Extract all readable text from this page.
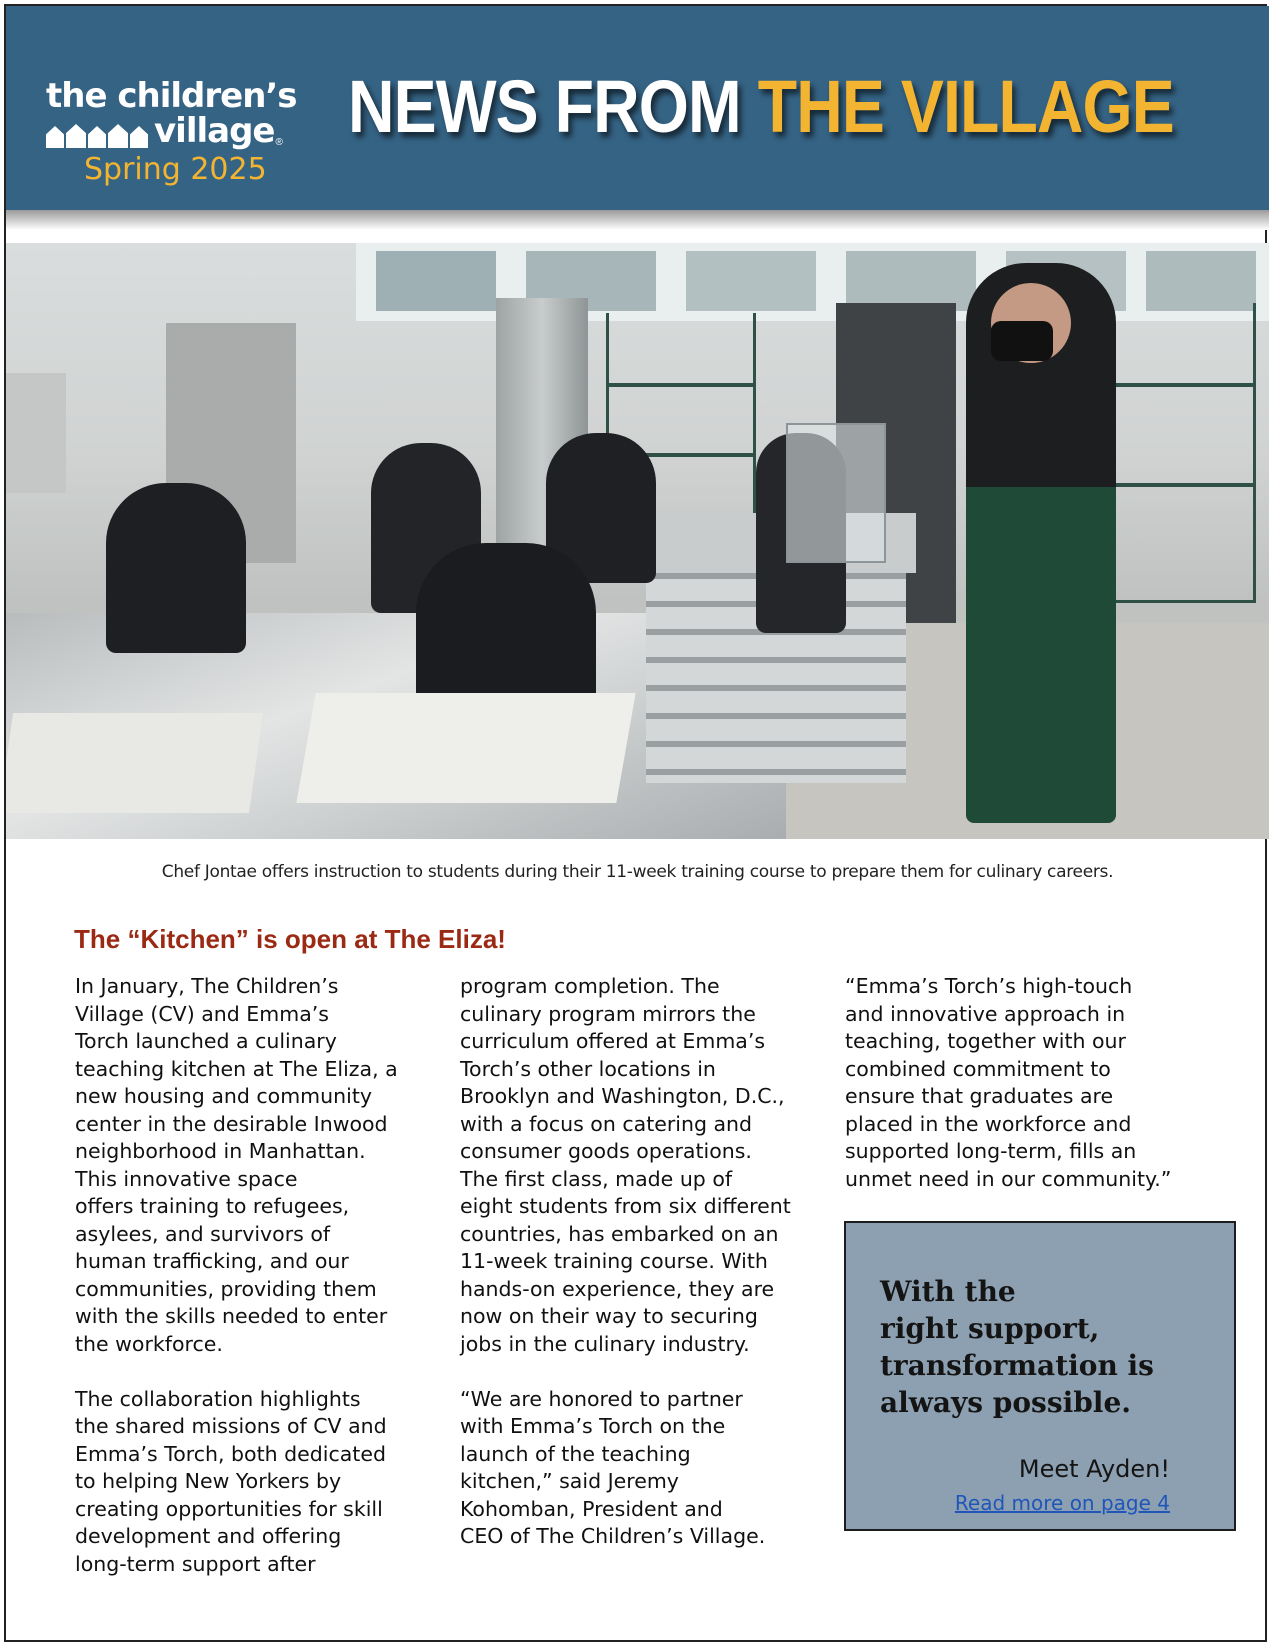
the children’s
village ®
Spring 2025
NEWS FROM THE VILLAGE
Chef Jontae offers instruction to students during their 11-week training course to prepare them for culinary careers.
The “Kitchen” is open at The Eliza!

In January, The Children’s

Village (CV) and Emma’s

Torch launched a culinary

teaching kitchen at The Eliza, a

new housing and community

center in the desirable Inwood

neighborhood in Manhattan.

This innovative space

offers training to refugees,

asylees, and survivors of

human trafficking, and our

communities, providing them

with the skills needed to enter

the workforce.

The collaboration highlights

the shared missions of CV and

Emma’s Torch, both dedicated

to helping New Yorkers by

creating opportunities for skill

development and offering

long-term support after

program completion. The

culinary program mirrors the

curriculum offered at Emma’s

Torch’s other locations in

Brooklyn and Washington, D.C.,

with a focus on catering and

consumer goods operations.

The first class, made up of

eight students from six different

countries, has embarked on an

11-week training course. With

hands-on experience, they are

now on their way to securing

jobs in the culinary industry.

“We are honored to partner

with Emma’s Torch on the

launch of the teaching

kitchen,” said Jeremy

Kohomban, President and

CEO of The Children’s Village.

“Emma’s Torch’s high-touch

and innovative approach in

teaching, together with our

combined commitment to

ensure that graduates are

placed in the workforce and

supported long-term, fills an

unmet need in our community.”

With the
right support,
transformation is
always possible.
Meet Ayden!
Read more on page 4
